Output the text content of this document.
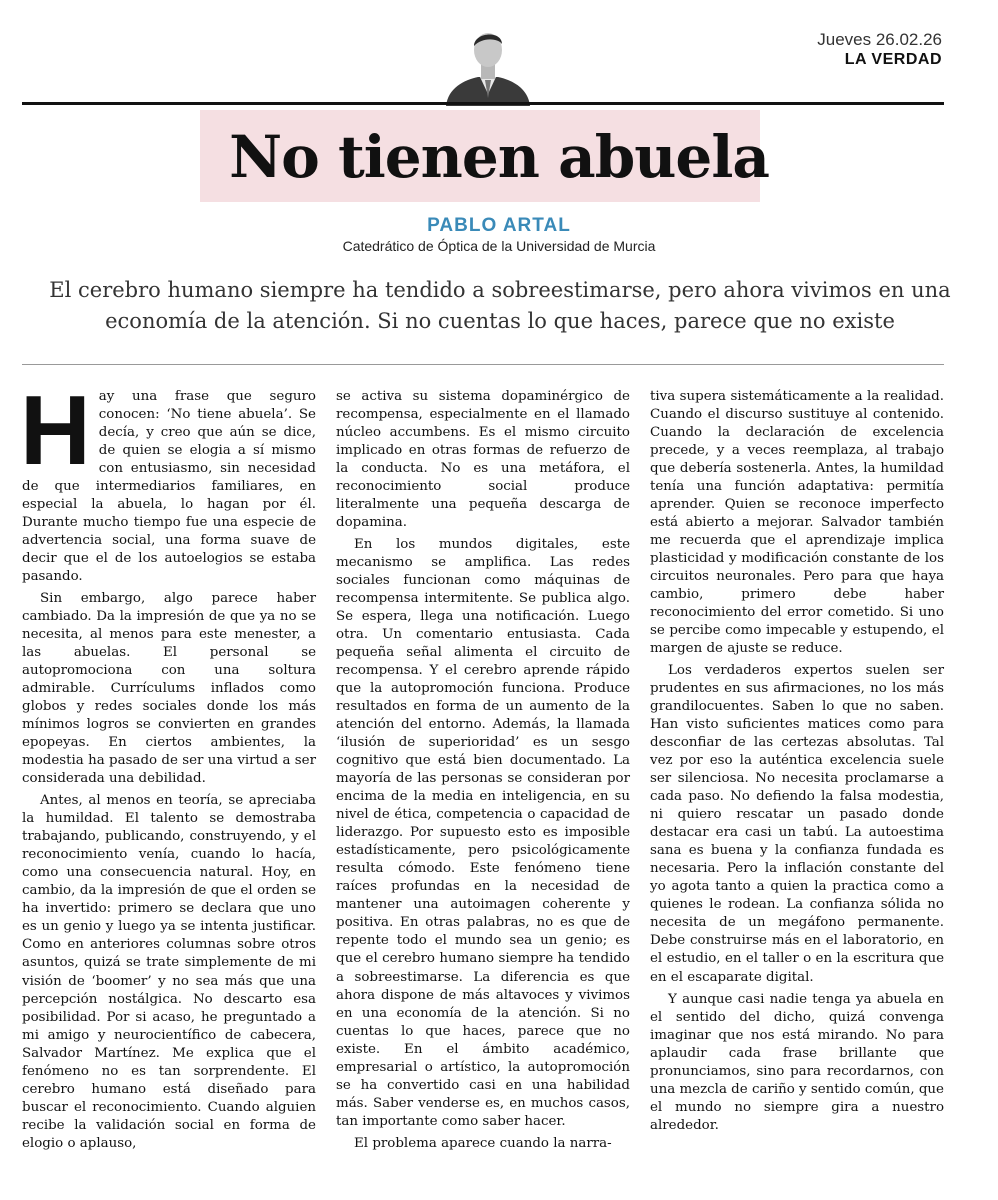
Jueves 26.02.26
LA VERDAD
No tienen abuela
PABLO ARTAL
Catedrático de Óptica de la Universidad de Murcia
El cerebro humano siempre ha tendido a sobreestimarse, pero ahora vivimos en una economía de la atención. Si no cuentas lo que haces, parece que no existe

Hay una frase que seguro conocen: ‘No tiene abuela’. Se decía, y creo que aún se dice, de quien se elogia a sí mismo con entusiasmo, sin necesidad de que intermediarios familiares, en especial la abuela, lo hagan por él. Durante mucho tiempo fue una especie de advertencia social, una forma suave de decir que el de los autoelogios se estaba pasando.

Sin embargo, algo parece haber cambiado. Da la impresión de que ya no se necesita, al menos para este menester, a las abuelas. El personal se autopromociona con una soltura admirable. Currículums inflados como globos y redes sociales donde los más mínimos logros se convierten en grandes epopeyas. En ciertos ambientes, la modestia ha pasado de ser una virtud a ser considerada una debilidad.

Antes, al menos en teoría, se apreciaba la humildad. El talento se demostraba trabajando, publicando, construyendo, y el reconocimiento venía, cuando lo hacía, como una consecuencia natural. Hoy, en cambio, da la impresión de que el orden se ha invertido: primero se declara que uno es un genio y luego ya se intenta justificar. Como en anteriores columnas sobre otros asuntos, quizá se trate simplemente de mi visión de ‘boomer’ y no sea más que una percepción nostálgica. No descarto esa posibilidad. Por si acaso, he preguntado a mi amigo y neurocientífico de cabecera, Salvador Martínez. Me explica que el fenómeno no es tan sorprendente. El cerebro humano está diseñado para buscar el reconocimiento. Cuando alguien recibe la validación social en forma de elogio o aplauso,

se activa su sistema dopaminérgico de recompensa, especialmente en el llamado núcleo accumbens. Es el mismo circuito implicado en otras formas de refuerzo de la conducta. No es una metáfora, el reconocimiento social produce literalmente una pequeña descarga de dopamina.

En los mundos digitales, este mecanismo se amplifica. Las redes sociales funcionan como máquinas de recompensa intermitente. Se publica algo. Se espera, llega una notificación. Luego otra. Un comentario entusiasta. Cada pequeña señal alimenta el circuito de recompensa. Y el cerebro aprende rápido que la autopromoción funciona. Produce resultados en forma de un aumento de la atención del entorno. Además, la llamada ‘ilusión de superioridad’ es un sesgo cognitivo que está bien documentado. La mayoría de las personas se consideran por encima de la media en inteligencia, en su nivel de ética, competencia o capacidad de liderazgo. Por supuesto esto es imposible estadísticamente, pero psicológicamente resulta cómodo. Este fenómeno tiene raíces profundas en la necesidad de mantener una autoimagen coherente y positiva. En otras palabras, no es que de repente todo el mundo sea un genio; es que el cerebro humano siempre ha tendido a sobreestimarse. La diferencia es que ahora dispone de más altavoces y vivimos en una economía de la atención. Si no cuentas lo que haces, parece que no existe. En el ámbito académico, empresarial o artístico, la autopromoción se ha convertido casi en una habilidad más. Saber venderse es, en muchos casos, tan importante como saber hacer.

El problema aparece cuando la narra-

tiva supera sistemáticamente a la realidad. Cuando el discurso sustituye al contenido. Cuando la declaración de excelencia precede, y a veces reemplaza, al trabajo que debería sostenerla. Antes, la humildad tenía una función adaptativa: permitía aprender. Quien se reconoce imperfecto está abierto a mejorar. Salvador también me recuerda que el aprendizaje implica plasticidad y modificación constante de los circuitos neuronales. Pero para que haya cambio, primero debe haber reconocimiento del error cometido. Si uno se percibe como impecable y estupendo, el margen de ajuste se reduce.

Los verdaderos expertos suelen ser prudentes en sus afirmaciones, no los más grandilocuentes. Saben lo que no saben. Han visto suficientes matices como para desconfiar de las certezas absolutas. Tal vez por eso la auténtica excelencia suele ser silenciosa. No necesita proclamarse a cada paso. No defiendo la falsa modestia, ni quiero rescatar un pasado donde destacar era casi un tabú. La autoestima sana es buena y la confianza fundada es necesaria. Pero la inflación constante del yo agota tanto a quien la practica como a quienes le rodean. La confianza sólida no necesita de un megáfono permanente. Debe construirse más en el laboratorio, en el estudio, en el taller o en la escritura que en el escaparate digital.

Y aunque casi nadie tenga ya abuela en el sentido del dicho, quizá convenga imaginar que nos está mirando. No para aplaudir cada frase brillante que pronunciamos, sino para recordarnos, con una mezcla de cariño y sentido común, que el mundo no siempre gira a nuestro alrededor.
